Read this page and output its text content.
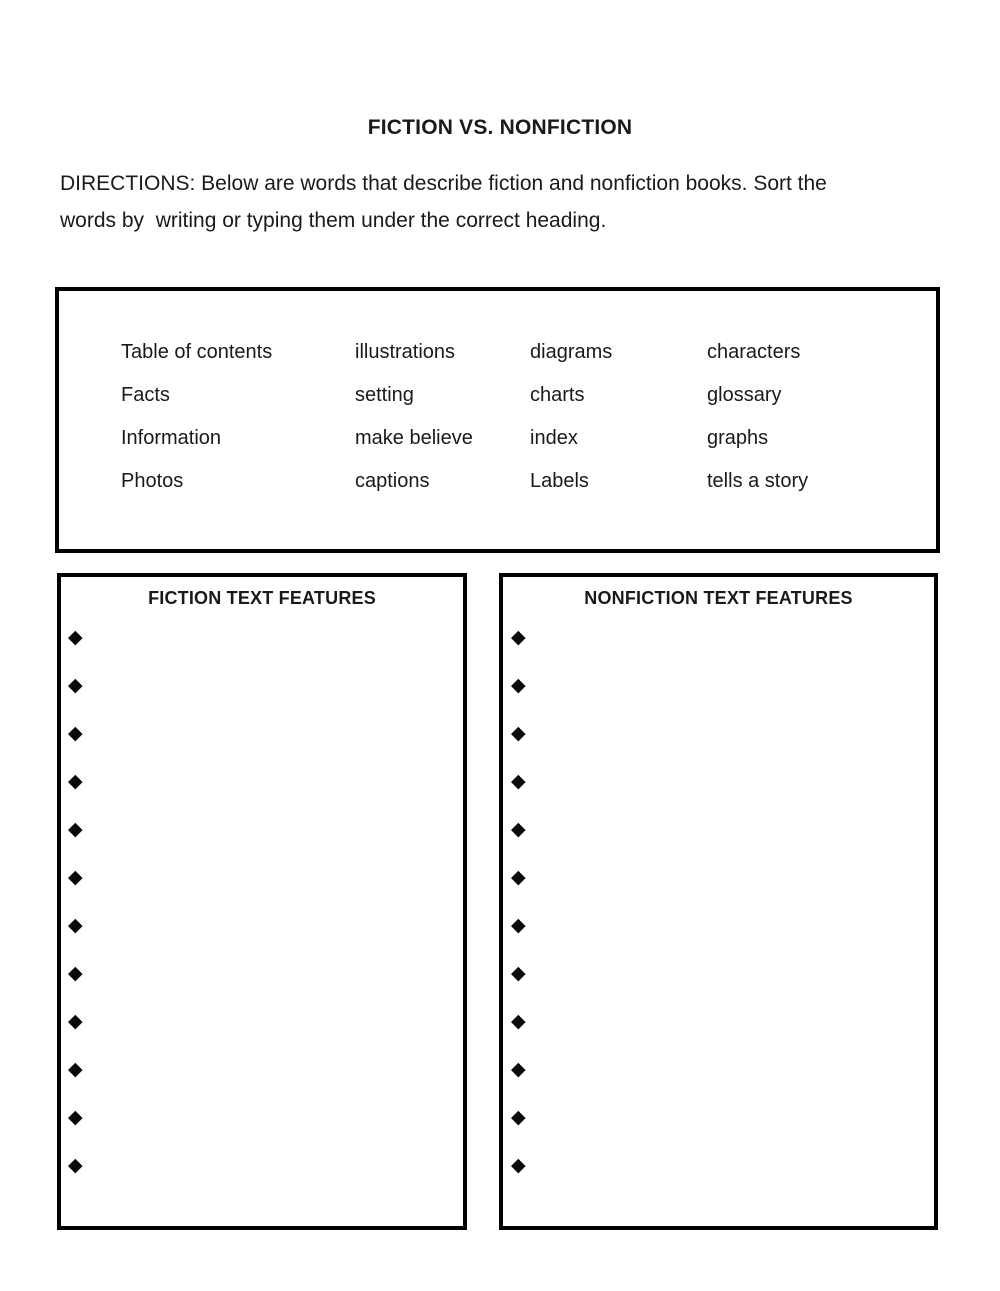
FICTION VS. NONFICTION
DIRECTIONS: Below are words that describe fiction and nonfiction books. Sort the
words by  writing or typing them under the correct heading.
Table of contents	illustrations	diagrams	characters
Facts	setting	charts	glossary
Information	make believe	index	graphs
Photos	captions	Labels	tells a story
FICTION TEXT FEATURES
◆
◆
◆
◆
◆
◆
◆
◆
◆
◆
◆
◆
NONFICTION TEXT FEATURES
◆
◆
◆
◆
◆
◆
◆
◆
◆
◆
◆
◆
